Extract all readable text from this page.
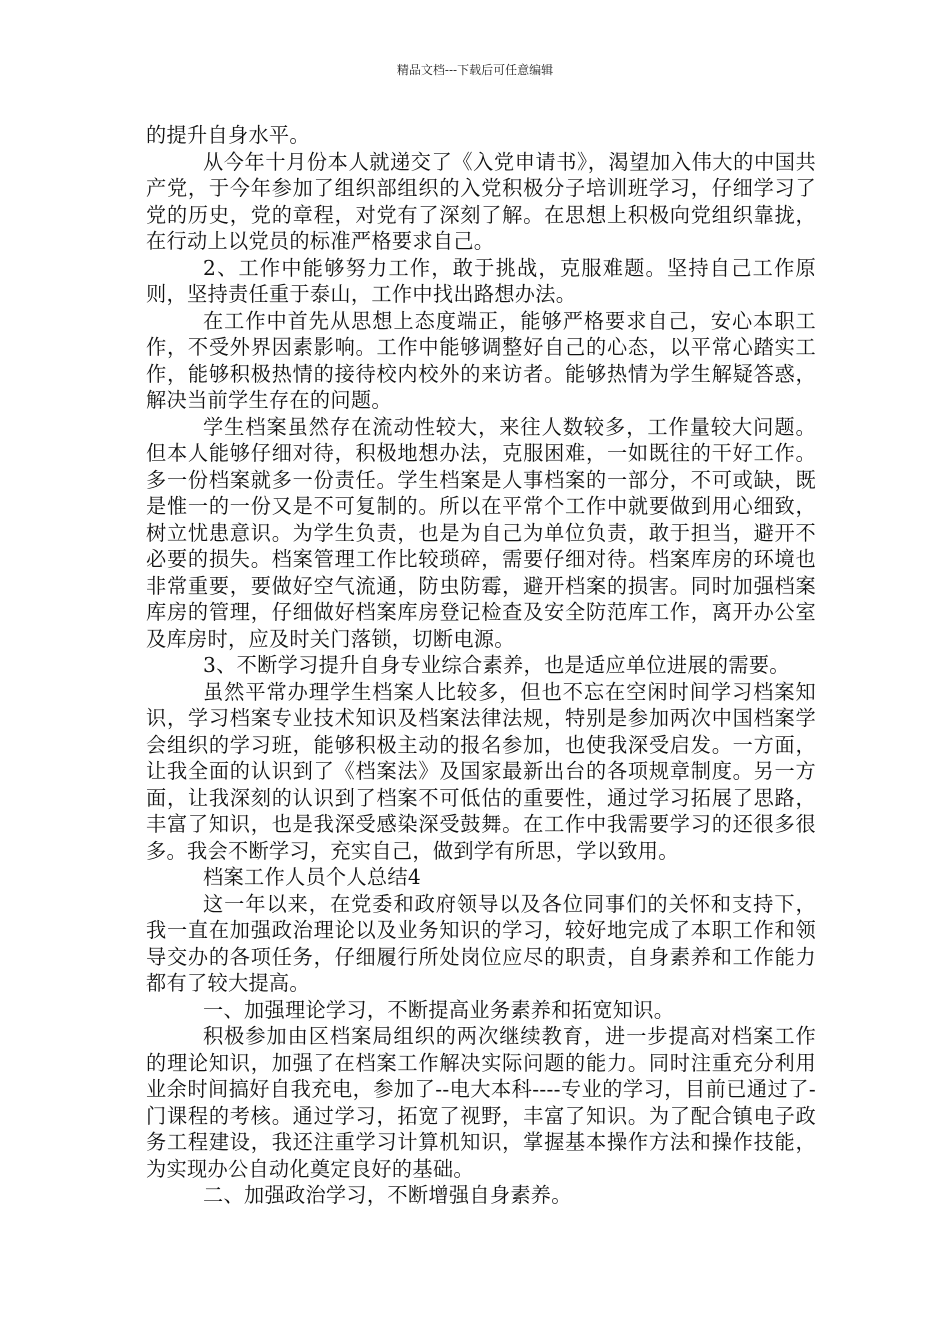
精品文档---下载后可任意编辑

的提升自身水平。

从今年十月份本人就递交了《入党申请书》，渴望加入伟大的中国共产党，于今年参加了组织部组织的入党积极分子培训班学习，仔细学习了党的历史，党的章程，对党有了深刻了解。在思想上积极向党组织靠拢，在行动上以党员的标准严格要求自己。

2、工作中能够努力工作，敢于挑战，克服难题。坚持自己工作原则，坚持责任重于泰山，工作中找出路想办法。

在工作中首先从思想上态度端正，能够严格要求自己，安心本职工作，不受外界因素影响。工作中能够调整好自己的心态，以平常心踏实工作，能够积极热情的接待校内校外的来访者。能够热情为学生解疑答惑，解决当前学生存在的问题。

学生档案虽然存在流动性较大，来往人数较多，工作量较大问题。但本人能够仔细对待，积极地想办法，克服困难，一如既往的干好工作。多一份档案就多一份责任。学生档案是人事档案的一部分，不可或缺，既是惟一的一份又是不可复制的。所以在平常个工作中就要做到用心细致，树立忧患意识。为学生负责，也是为自己为单位负责，敢于担当，避开不必要的损失。档案管理工作比较琐碎，需要仔细对待。档案库房的环境也非常重要，要做好空气流通，防虫防霉，避开档案的损害。同时加强档案库房的管理，仔细做好档案库房登记检查及安全防范库工作，离开办公室及库房时，应及时关门落锁，切断电源。

3、不断学习提升自身专业综合素养，也是适应单位进展的需要。

虽然平常办理学生档案人比较多，但也不忘在空闲时间学习档案知识，学习档案专业技术知识及档案法律法规，特别是参加两次中国档案学会组织的学习班，能够积极主动的报名参加，也使我深受启发。一方面，让我全面的认识到了《档案法》及国家最新出台的各项规章制度。另一方面，让我深刻的认识到了档案不可低估的重要性，通过学习拓展了思路，丰富了知识，也是我深受感染深受鼓舞。在工作中我需要学习的还很多很多。我会不断学习，充实自己，做到学有所思，学以致用。

档案工作人员个人总结4

这一年以来，在党委和政府领导以及各位同事们的关怀和支持下，我一直在加强政治理论以及业务知识的学习，较好地完成了本职工作和领导交办的各项任务，仔细履行所处岗位应尽的职责，自身素养和工作能力都有了较大提高。

一、加强理论学习，不断提高业务素养和拓宽知识。

积极参加由区档案局组织的两次继续教育，进一步提高对档案工作的理论知识，加强了在档案工作解决实际问题的能力。同时注重充分利用业余时间搞好自我充电，参加了--电大本科----专业的学习，目前已通过了-门课程的考核。通过学习，拓宽了视野，丰富了知识。为了配合镇电子政务工程建设，我还注重学习计算机知识，掌握基本操作方法和操作技能，为实现办公自动化奠定良好的基础。

二、加强政治学习，不断增强自身素养。
